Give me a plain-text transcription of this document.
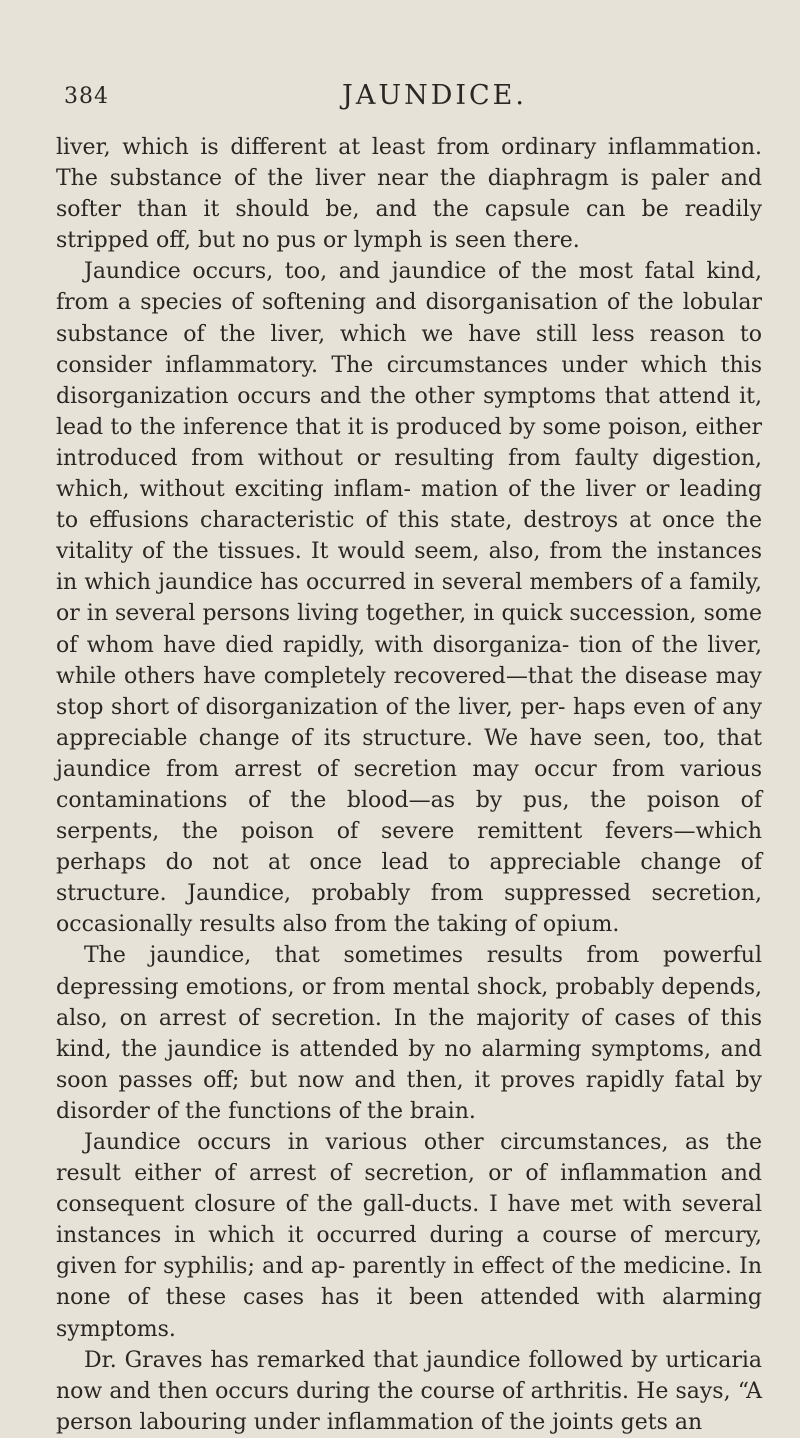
384	JAUNDICE.

liver, which is different at least from ordinary inflammation. The substance of the liver near the diaphragm is paler and softer than it should be, and the capsule can be readily stripped off, but no pus or lymph is seen there.

Jaundice occurs, too, and jaundice of the most fatal kind, from a species of softening and disorganisation of the lobular substance of the liver, which we have still less reason to consider inflammatory. The circumstances under which this disorganization occurs and the other symptoms that attend it, lead to the inference that it is produced by some poison, either introduced from without or resulting from faulty digestion, which, without exciting inflam- mation of the liver or leading to effusions characteristic of this state, destroys at once the vitality of the tissues. It would seem, also, from the instances in which jaundice has occurred in several members of a family, or in several persons living together, in quick succession, some of whom have died rapidly, with disorganiza- tion of the liver, while others have completely recovered—that the disease may stop short of disorganization of the liver, per- haps even of any appreciable change of its structure. We have seen, too, that jaundice from arrest of secretion may occur from various contaminations of the blood—as by pus, the poison of serpents, the poison of severe remittent fevers—which perhaps do not at once lead to appreciable change of structure. Jaundice, probably from suppressed secretion, occasionally results also from the taking of opium.

The jaundice, that sometimes results from powerful depressing emotions, or from mental shock, probably depends, also, on arrest of secretion. In the majority of cases of this kind, the jaundice is attended by no alarming symptoms, and soon passes off; but now and then, it proves rapidly fatal by disorder of the functions of the brain.

Jaundice occurs in various other circumstances, as the result either of arrest of secretion, or of inflammation and consequent closure of the gall-ducts. I have met with several instances in which it occurred during a course of mercury, given for syphilis; and ap- parently in effect of the medicine. In none of these cases has it been attended with alarming symptoms.

Dr. Graves has remarked that jaundice followed by urticaria now and then occurs during the course of arthritis. He says, “A person labouring under inflammation of the joints gets an
